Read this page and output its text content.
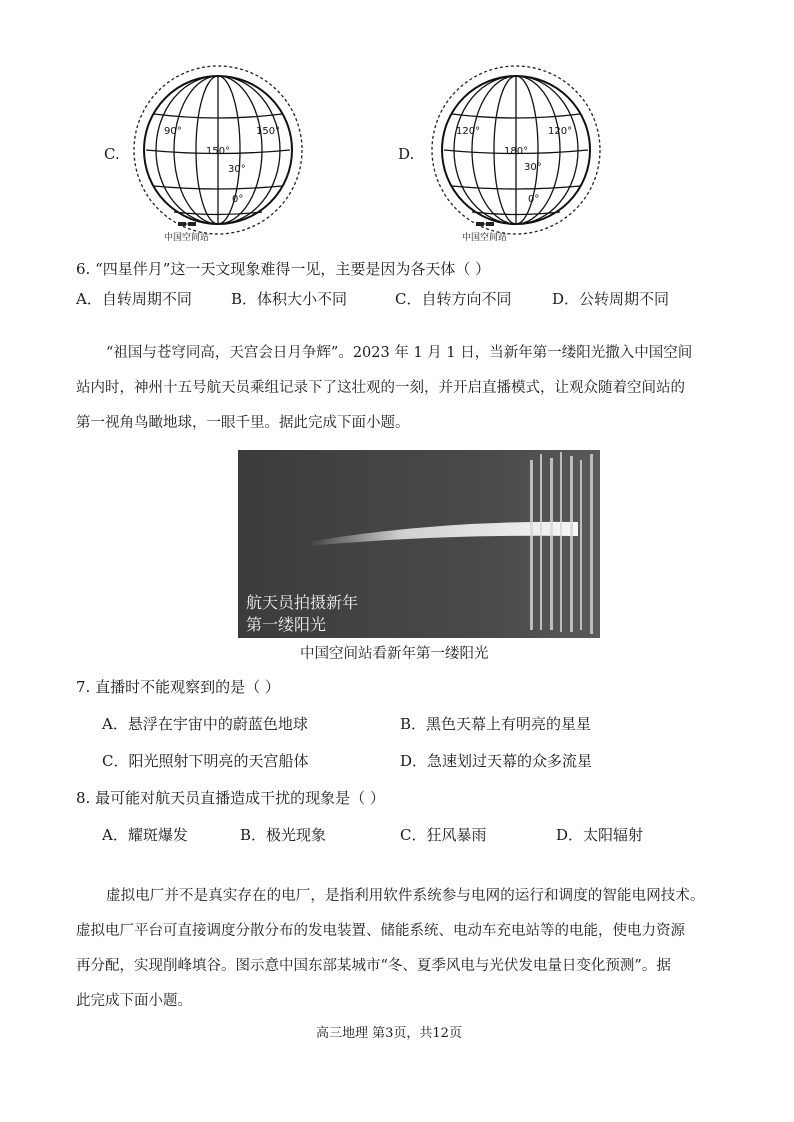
C.
90°
150°
150°
30°
0°
中国空间站
D.
120°
180°
120°
30°
0°
中国空间站
6. “四星伴月”这一天文现象难得一见，主要是因为各天体（ ）
A．自转周期不同	B．体积大小不同	C．自转方向不同	D．公转周期不同
“祖国与苍穹同高，天宫会日月争辉”。2023 年 1 月 1 日，当新年第一缕阳光撒入中国空间
站内时，神州十五号航天员乘组记录下了这壮观的一刻，并开启直播模式，让观众随着空间站的
第一视角鸟瞰地球，一眼千里。据此完成下面小题。
航天员拍摄新年
第一缕阳光
中国空间站看新年第一缕阳光
7. 直播时不能观察到的是（ ）
A．悬浮在宇宙中的蔚蓝色地球	B．黑色天幕上有明亮的星星
C．阳光照射下明亮的天宫船体	D．急速划过天幕的众多流星
8. 最可能对航天员直播造成干扰的现象是（ ）
A．耀斑爆发	B．极光现象	C．狂风暴雨	D．太阳辐射
虚拟电厂并不是真实存在的电厂，是指利用软件系统参与电网的运行和调度的智能电网技术。
虚拟电厂平台可直接调度分散分布的发电装置、储能系统、电动车充电站等的电能，使电力资源
再分配，实现削峰填谷。图示意中国东部某城市“冬、夏季风电与光伏发电量日变化预测”。据
此完成下面小题。
高三地理 第3页，共12页
